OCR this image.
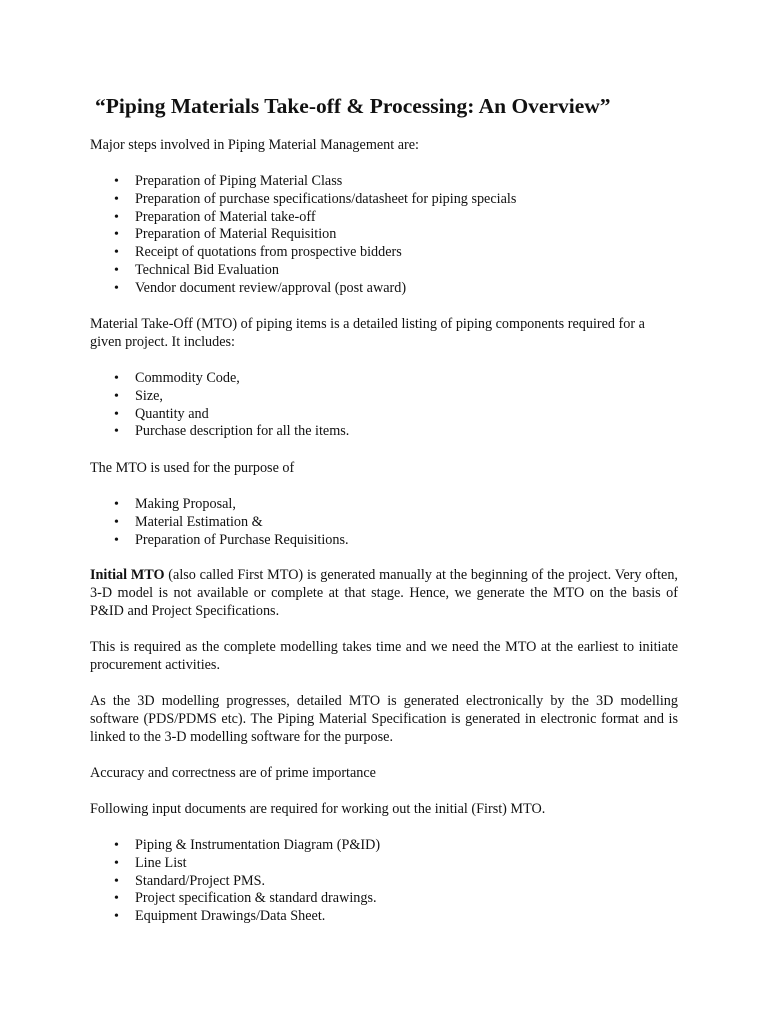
“Piping Materials Take-off & Processing: An Overview”

Major steps involved in Piping Material Management are:

• Preparation of Piping Material Class
• Preparation of purchase specifications/datasheet for piping specials
• Preparation of Material take-off
• Preparation of Material Requisition
• Receipt of quotations from prospective bidders
• Technical Bid Evaluation
• Vendor document review/approval (post award)

Material Take-Off (MTO) of piping items is a detailed listing of piping components required for a

given project. It includes:

• Commodity Code,
• Size,
• Quantity and
• Purchase description for all the items.

The MTO is used for the purpose of

• Making Proposal,
• Material Estimation &
• Preparation of Purchase Requisitions.

Initial MTO (also called First MTO) is generated manually at the beginning of the project. Very often, 3-D model is not available or complete at that stage. Hence, we generate the MTO on the basis of P&ID and Project Specifications.

This is required as the complete modelling takes time and we need the MTO at the earliest to initiate procurement activities.

As the 3D modelling progresses, detailed MTO is generated electronically by the 3D modelling software (PDS/PDMS etc). The Piping Material Specification is generated in electronic format and is linked to the 3-D modelling software for the purpose.

Accuracy and correctness are of prime importance

Following input documents are required for working out the initial (First) MTO.

• Piping & Instrumentation Diagram (P&ID)
• Line List
• Standard/Project PMS.
• Project specification & standard drawings.
• Equipment Drawings/Data Sheet.
